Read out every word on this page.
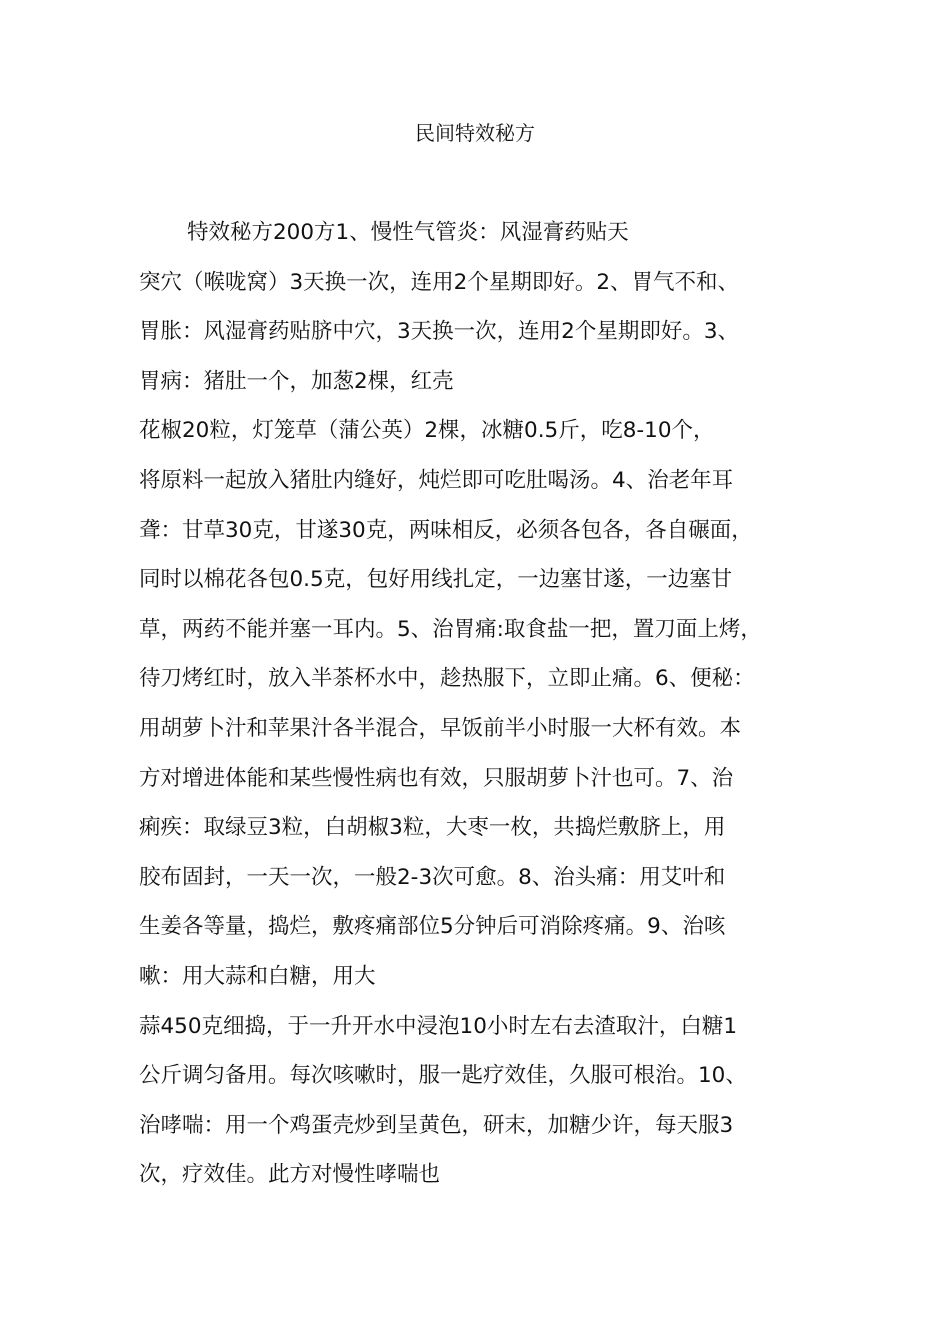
民间特效秘方
特效秘方200方1、慢性气管炎：风湿膏药贴天
突穴（喉咙窝）3天换一次，连用2个星期即好。2、胃气不和、
胃胀：风湿膏药贴脐中穴，3天换一次，连用2个星期即好。3、
胃病：猪肚一个，加葱2棵，红壳
花椒20粒，灯笼草（蒲公英）2棵，冰糖0.5斤，吃8-10个，
将原料一起放入猪肚内缝好，炖烂即可吃肚喝汤。4、治老年耳
聋：甘草30克，甘遂30克，两味相反，必须各包各，各自碾面，
同时以棉花各包0.5克，包好用线扎定，一边塞甘遂，一边塞甘
草，两药不能并塞一耳内。5、治胃痛:取食盐一把，置刀面上烤，
待刀烤红时，放入半茶杯水中，趁热服下，立即止痛。6、便秘：
用胡萝卜汁和苹果汁各半混合，早饭前半小时服一大杯有效。本
方对增进体能和某些慢性病也有效，只服胡萝卜汁也可。7、治
痢疾：取绿豆3粒，白胡椒3粒，大枣一枚，共捣烂敷脐上，用
胶布固封，一天一次，一般2-3次可愈。8、治头痛：用艾叶和
生姜各等量，捣烂，敷疼痛部位5分钟后可消除疼痛。9、治咳
嗽：用大蒜和白糖，用大
蒜450克细捣，于一升开水中浸泡10小时左右去渣取汁，白糖1
公斤调匀备用。每次咳嗽时，服一匙疗效佳，久服可根治。10、
治哮喘：用一个鸡蛋壳炒到呈黄色，研末，加糖少许，每天服3
次，疗效佳。此方对慢性哮喘也
